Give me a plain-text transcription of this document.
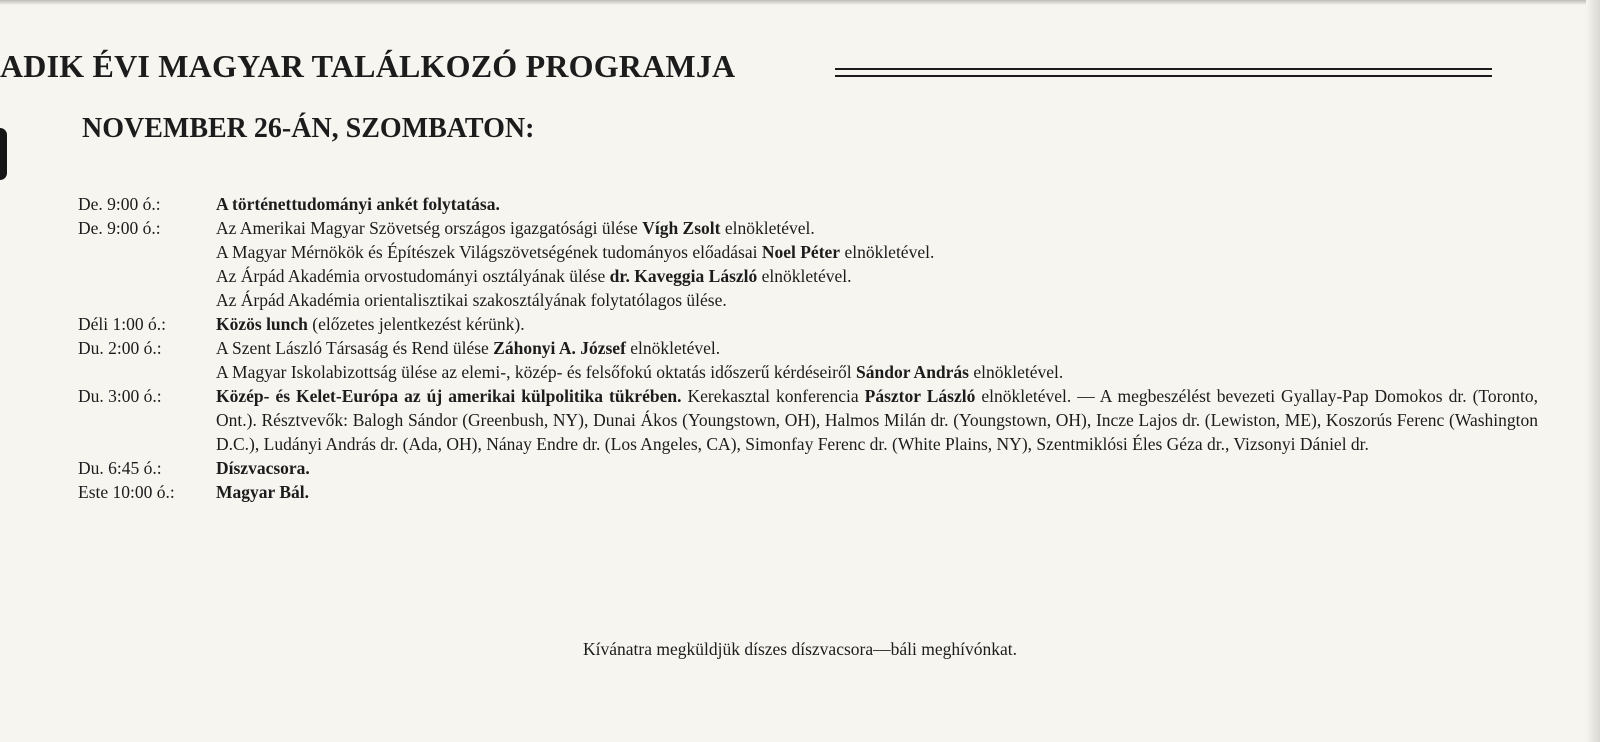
ADIK ÉVI MAGYAR TALÁLKOZÓ PROGRAMJA
NOVEMBER 26-ÁN, SZOMBATON:
De. 9:00 ó.:	A történettudományi ankét folytatása.
De. 9:00 ó.:	Az Amerikai Magyar Szövetség országos igazgatósági ülése Vígh Zsolt elnökletével.
A Magyar Mérnökök és Építészek Világszövetségének tudományos előadásai Noel Péter elnökletével.
Az Árpád Akadémia orvostudományi osztályának ülése dr. Kaveggia László elnökletével.
Az Árpád Akadémia orientalisztikai szakosztályának folytatólagos ülése.
Déli 1:00 ó.:	Közös lunch (előzetes jelentkezést kérünk).
Du. 2:00 ó.:	A Szent László Társaság és Rend ülése Záhonyi A. József elnökletével.
A Magyar Iskolabizottság ülése az elemi-, közép- és felsőfokú oktatás időszerű kérdéseiről Sándor András elnökletével.
Du. 3:00 ó.:	Közép- és Kelet-Európa az új amerikai külpolitika tükrében. Kerekasztal konferencia Pásztor László elnökletével. — A megbeszélést bevezeti Gyallay-Pap Domokos dr. (Toronto, Ont.). Résztvevők: Balogh Sándor (Greenbush, NY), Dunai Ákos (Youngstown, OH), Halmos Milán dr. (Youngstown, OH), Incze Lajos dr. (Lewiston, ME), Koszorús Ferenc (Washington D.C.), Ludányi András dr. (Ada, OH), Nánay Endre dr. (Los Angeles, CA), Simonfay Ferenc dr. (White Plains, NY), Szentmiklósi Éles Géza dr., Vizsonyi Dániel dr.
Du. 6:45 ó.:	Díszvacsora.
Este 10:00 ó.:	Magyar Bál.
Kívánatra megküldjük díszes díszvacsora—báli meghívónkat.
